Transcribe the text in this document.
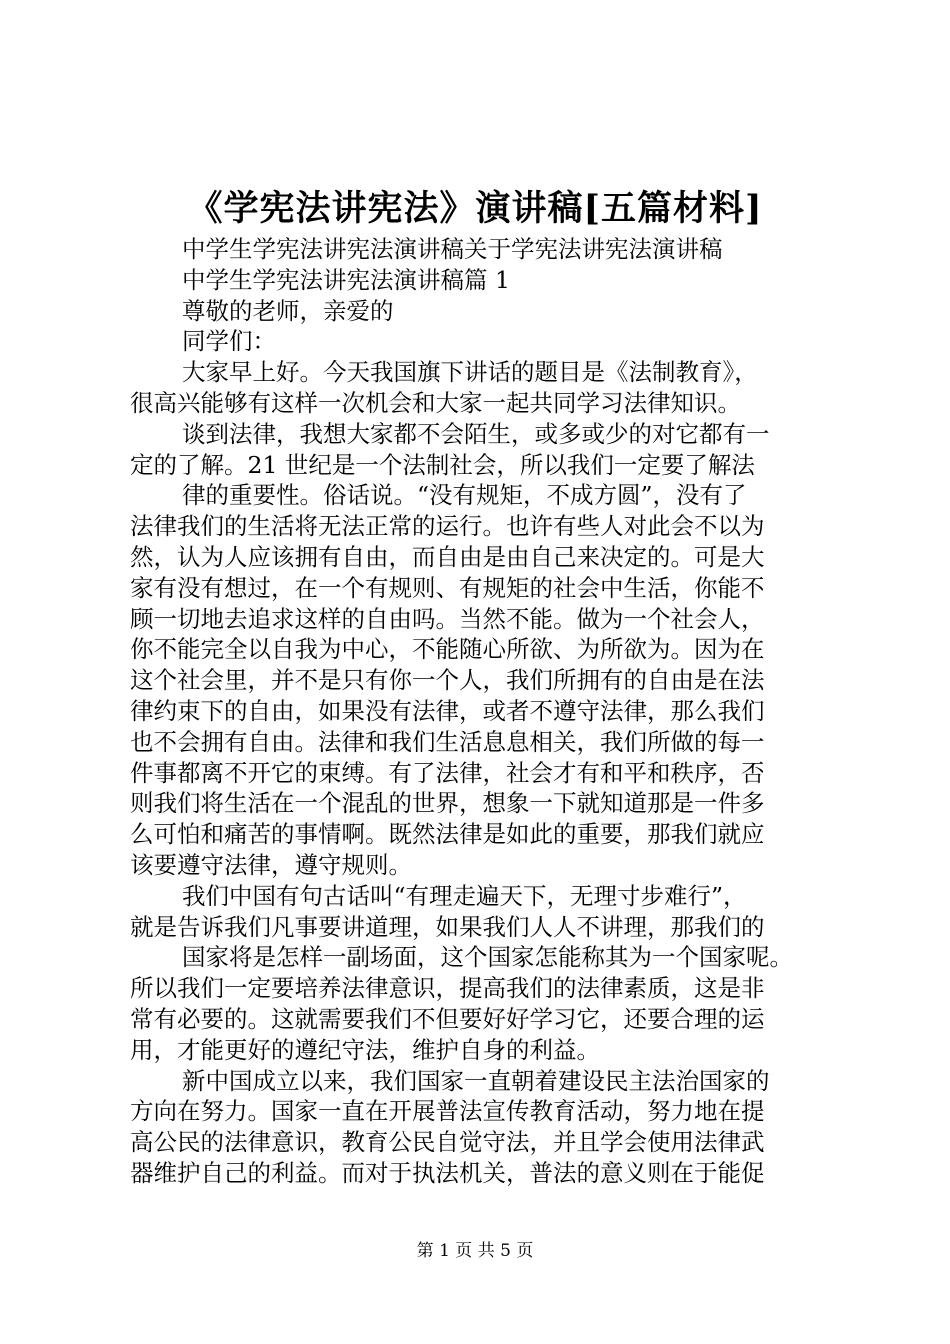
《学宪法讲宪法》演讲稿[五篇材料]
中学生学宪法讲宪法演讲稿关于学宪法讲宪法演讲稿
中学生学宪法讲宪法演讲稿篇 1
尊敬的老师，亲爱的
同学们：
大家早上好。今天我国旗下讲话的题目是《法制教育》，
很高兴能够有这样一次机会和大家一起共同学习法律知识。
谈到法律，我想大家都不会陌生，或多或少的对它都有一
定的了解。21 世纪是一个法制社会，所以我们一定要了解法
律的重要性。俗话说。“没有规矩，不成方圆”，没有了
法律我们的生活将无法正常的运行。也许有些人对此会不以为
然，认为人应该拥有自由，而自由是由自己来决定的。可是大
家有没有想过，在一个有规则、有规矩的社会中生活，你能不
顾一切地去追求这样的自由吗。当然不能。做为一个社会人，
你不能完全以自我为中心，不能随心所欲、为所欲为。因为在
这个社会里，并不是只有你一个人，我们所拥有的自由是在法
律约束下的自由，如果没有法律，或者不遵守法律，那么我们
也不会拥有自由。法律和我们生活息息相关，我们所做的每一
件事都离不开它的束缚。有了法律，社会才有和平和秩序，否
则我们将生活在一个混乱的世界，想象一下就知道那是一件多
么可怕和痛苦的事情啊。既然法律是如此的重要，那我们就应
该要遵守法律，遵守规则。
我们中国有句古话叫“有理走遍天下，无理寸步难行”，
就是告诉我们凡事要讲道理，如果我们人人不讲理，那我们的
国家将是怎样一副场面，这个国家怎能称其为一个国家呢。
所以我们一定要培养法律意识，提高我们的法律素质，这是非
常有必要的。这就需要我们不但要好好学习它，还要合理的运
用，才能更好的遵纪守法，维护自身的利益。
新中国成立以来，我们国家一直朝着建设民主法治国家的
方向在努力。国家一直在开展普法宣传教育活动，努力地在提
高公民的法律意识，教育公民自觉守法，并且学会使用法律武
器维护自己的利益。而对于执法机关，普法的意义则在于能促
第 1 页 共 5 页
